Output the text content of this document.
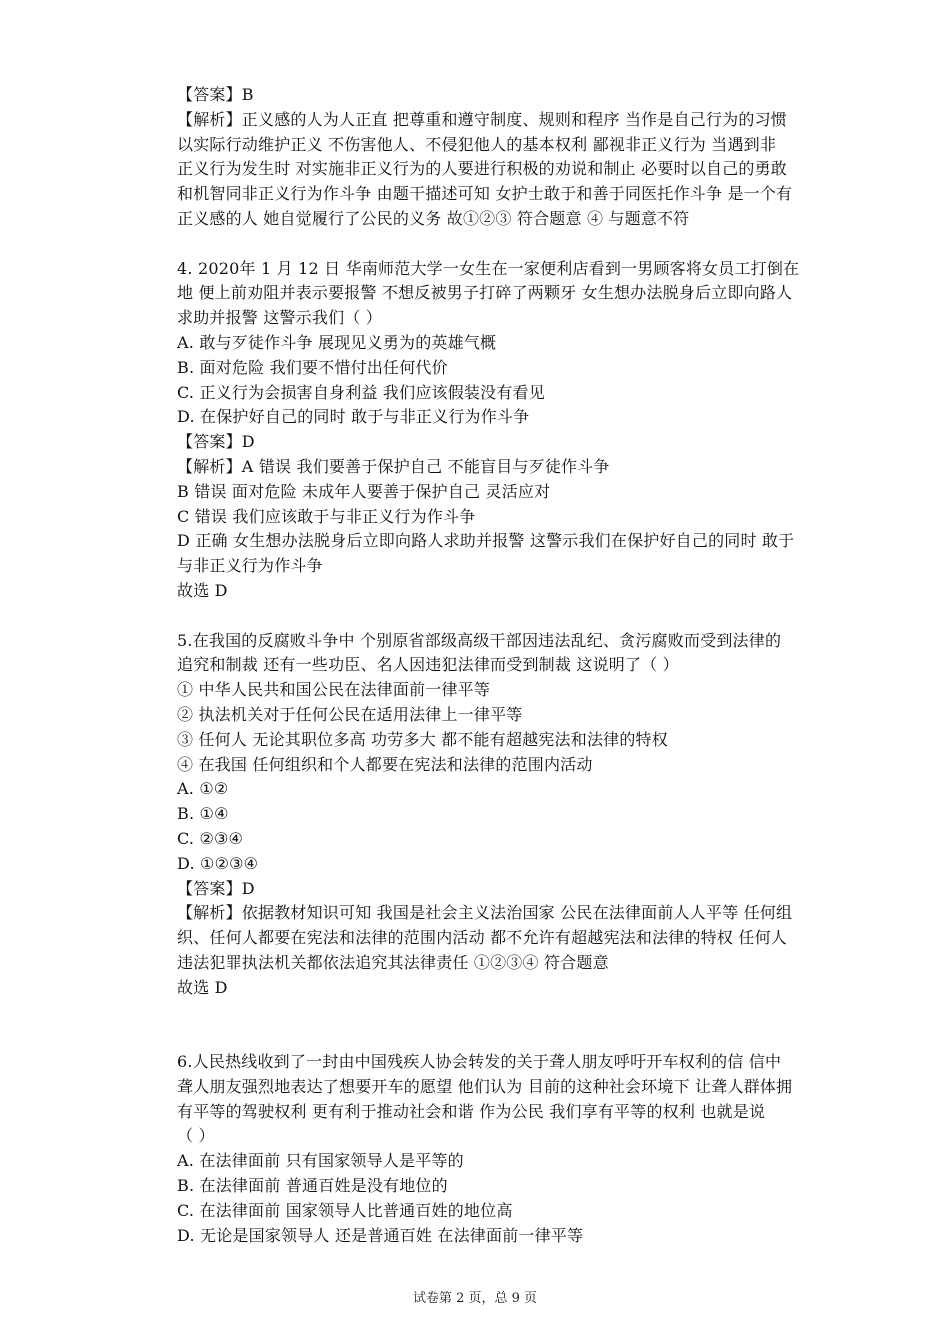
【答案】B
【解析】正义感的人为人正直 把尊重和遵守制度、规则和程序 当作是自己行为的习惯
以实际行动维护正义 不伤害他人、不侵犯他人的基本权利 鄙视非正义行为 当遇到非
正义行为发生时 对实施非正义行为的人要进行积极的劝说和制止 必要时以自己的勇敢
和机智同非正义行为作斗争 由题干描述可知 女护士敢于和善于同医托作斗争 是一个有
正义感的人 她自觉履行了公民的义务 故①②③ 符合题意 ④ 与题意不符
4. 2020年 1 月 12 日 华南师范大学一女生在一家便利店看到一男顾客将女员工打倒在
地 便上前劝阻并表示要报警 不想反被男子打碎了两颗牙 女生想办法脱身后立即向路人
求助并报警 这警示我们（ ）
A. 敢与歹徒作斗争 展现见义勇为的英雄气概
B. 面对危险 我们要不惜付出任何代价
C. 正义行为会损害自身利益 我们应该假装没有看见
D. 在保护好自己的同时 敢于与非正义行为作斗争
【答案】D
【解析】A 错误 我们要善于保护自己 不能盲目与歹徒作斗争
B 错误 面对危险 未成年人要善于保护自己 灵活应对
C 错误 我们应该敢于与非正义行为作斗争
D 正确 女生想办法脱身后立即向路人求助并报警 这警示我们在保护好自己的同时 敢于
与非正义行为作斗争
故选 D
5.在我国的反腐败斗争中 个别原省部级高级干部因违法乱纪、贪污腐败而受到法律的
追究和制裁 还有一些功臣、名人因违犯法律而受到制裁 这说明了（ ）
① 中华人民共和国公民在法律面前一律平等
② 执法机关对于任何公民在适用法律上一律平等
③ 任何人 无论其职位多高 功劳多大 都不能有超越宪法和法律的特权
④ 在我国 任何组织和个人都要在宪法和法律的范围内活动
A. ①②
B. ①④
C. ②③④
D. ①②③④
【答案】D
【解析】依据教材知识可知 我国是社会主义法治国家 公民在法律面前人人平等 任何组
织、任何人都要在宪法和法律的范围内活动 都不允许有超越宪法和法律的特权 任何人
违法犯罪执法机关都依法追究其法律责任 ①②③④ 符合题意
故选 D
6.人民热线收到了一封由中国残疾人协会转发的关于聋人朋友呼吁开车权利的信 信中
聋人朋友强烈地表达了想要开车的愿望 他们认为 目前的这种社会环境下 让聋人群体拥
有平等的驾驶权利 更有利于推动社会和谐 作为公民 我们享有平等的权利 也就是说
（ ）
A. 在法律面前 只有国家领导人是平等的
B. 在法律面前 普通百姓是没有地位的
C. 在法律面前 国家领导人比普通百姓的地位高
D. 无论是国家领导人 还是普通百姓 在法律面前一律平等
试卷第 2 页，总 9 页
